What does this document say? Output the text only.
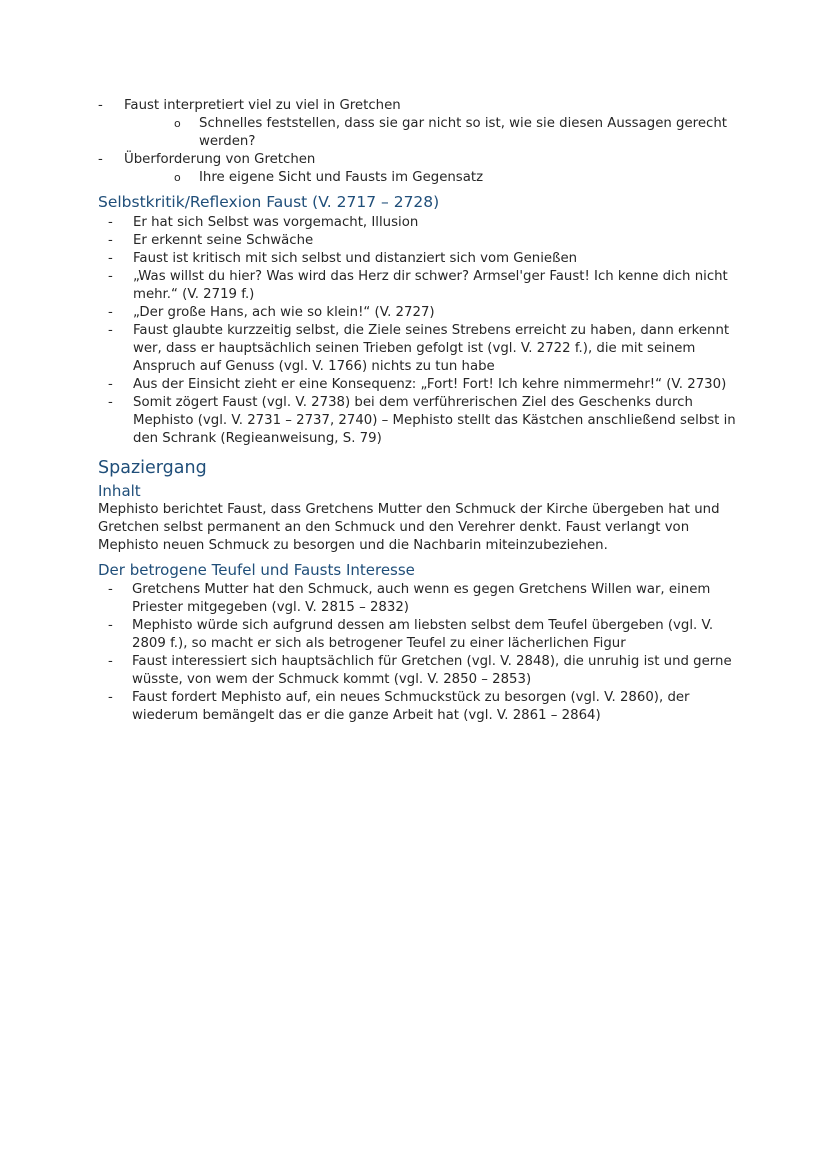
-	Faust interpretiert viel zu viel in Gretchen
o	Schnelles feststellen, dass sie gar nicht so ist, wie sie diesen Aussagen gerecht werden?
-	Überforderung von Gretchen
o	Ihre eigene Sicht und Fausts im Gegensatz
Selbstkritik/Reflexion Faust (V. 2717 – 2728)
-	Er hat sich Selbst was vorgemacht, Illusion
-	Er erkennt seine Schwäche
-	Faust ist kritisch mit sich selbst und distanziert sich vom Genießen
-	„Was willst du hier? Was wird das Herz dir schwer? Armsel'ger Faust! Ich kenne dich nicht mehr.“ (V. 2719 f.)
-	„Der große Hans, ach wie so klein!“ (V. 2727)
-	Faust glaubte kurzzeitig selbst, die Ziele seines Strebens erreicht zu haben, dann erkennt wer, dass er hauptsächlich seinen Trieben gefolgt ist (vgl. V. 2722 f.), die mit seinem Anspruch auf Genuss (vgl. V. 1766) nichts zu tun habe
-	Aus der Einsicht zieht er eine Konsequenz: „Fort! Fort! Ich kehre nimmermehr!“ (V. 2730)
-	Somit zögert Faust (vgl. V. 2738) bei dem verführerischen Ziel des Geschenks durch Mephisto (vgl. V. 2731 – 2737, 2740) – Mephisto stellt das Kästchen anschließend selbst in den Schrank (Regieanweisung, S. 79)
Spaziergang
Inhalt

Mephisto berichtet Faust, dass Gretchens Mutter den Schmuck der Kirche übergeben hat und Gretchen selbst permanent an den Schmuck und den Verehrer denkt. Faust verlangt von Mephisto neuen Schmuck zu besorgen und die Nachbarin miteinzubeziehen.

Der betrogene Teufel und Fausts Interesse
-	Gretchens Mutter hat den Schmuck, auch wenn es gegen Gretchens Willen war, einem Priester mitgegeben (vgl. V. 2815 – 2832)
-	Mephisto würde sich aufgrund dessen am liebsten selbst dem Teufel übergeben (vgl. V. 2809 f.), so macht er sich als betrogener Teufel zu einer lächerlichen Figur
-	Faust interessiert sich hauptsächlich für Gretchen (vgl. V. 2848), die unruhig ist und gerne wüsste, von wem der Schmuck kommt (vgl. V. 2850 – 2853)
-	Faust fordert Mephisto auf, ein neues Schmuckstück zu besorgen (vgl. V. 2860), der wiederum bemängelt das er die ganze Arbeit hat (vgl. V. 2861 – 2864)
